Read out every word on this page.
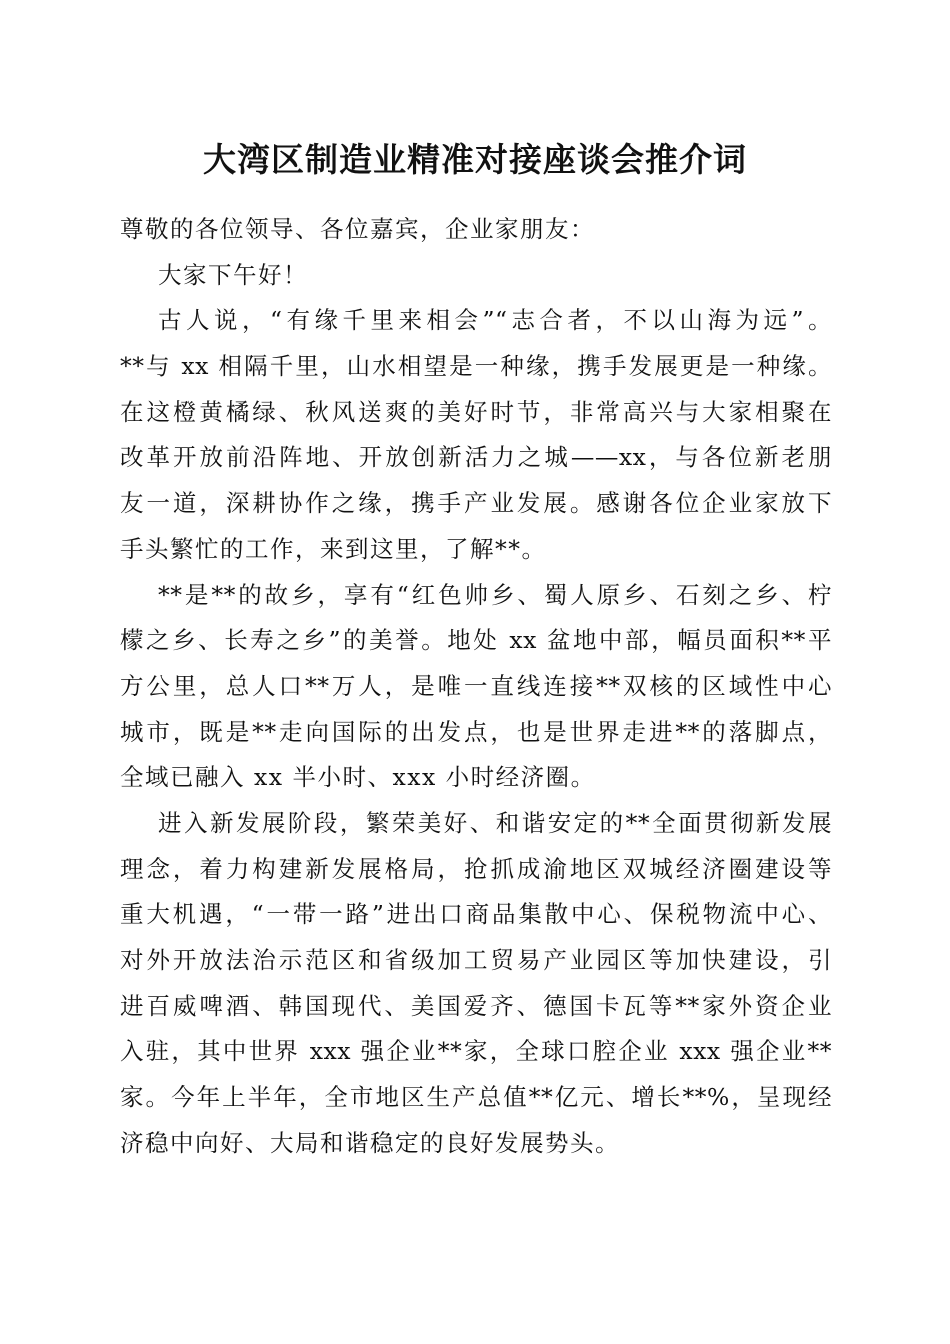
大湾区制造业精准对接座谈会推介词
尊敬的各位领导、各位嘉宾，企业家朋友：
大家下午好！
古人说，“有缘千里来相会”“志合者，不以山海为远”。
**与 xx 相隔千里，山水相望是一种缘，携手发展更是一种缘。
在这橙黄橘绿、秋风送爽的美好时节，非常高兴与大家相聚在
改革开放前沿阵地、开放创新活力之城——xx，与各位新老朋
友一道，深耕协作之缘，携手产业发展。感谢各位企业家放下
手头繁忙的工作，来到这里，了解**。
**是**的故乡，享有“红色帅乡、蜀人原乡、石刻之乡、柠
檬之乡、长寿之乡”的美誉。地处 xx 盆地中部，幅员面积**平
方公里，总人口**万人，是唯一直线连接**双核的区域性中心
城市，既是**走向国际的出发点，也是世界走进**的落脚点，
全域已融入 xx 半小时、xxx 小时经济圈。
进入新发展阶段，繁荣美好、和谐安定的**全面贯彻新发展
理念，着力构建新发展格局，抢抓成渝地区双城经济圈建设等
重大机遇，“一带一路”进出口商品集散中心、保税物流中心、
对外开放法治示范区和省级加工贸易产业园区等加快建设，引
进百威啤酒、韩国现代、美国爱齐、德国卡瓦等**家外资企业
入驻，其中世界 xxx 强企业**家，全球口腔企业 xxx 强企业**
家。今年上半年，全市地区生产总值**亿元、增长**%，呈现经
济稳中向好、大局和谐稳定的良好发展势头。
